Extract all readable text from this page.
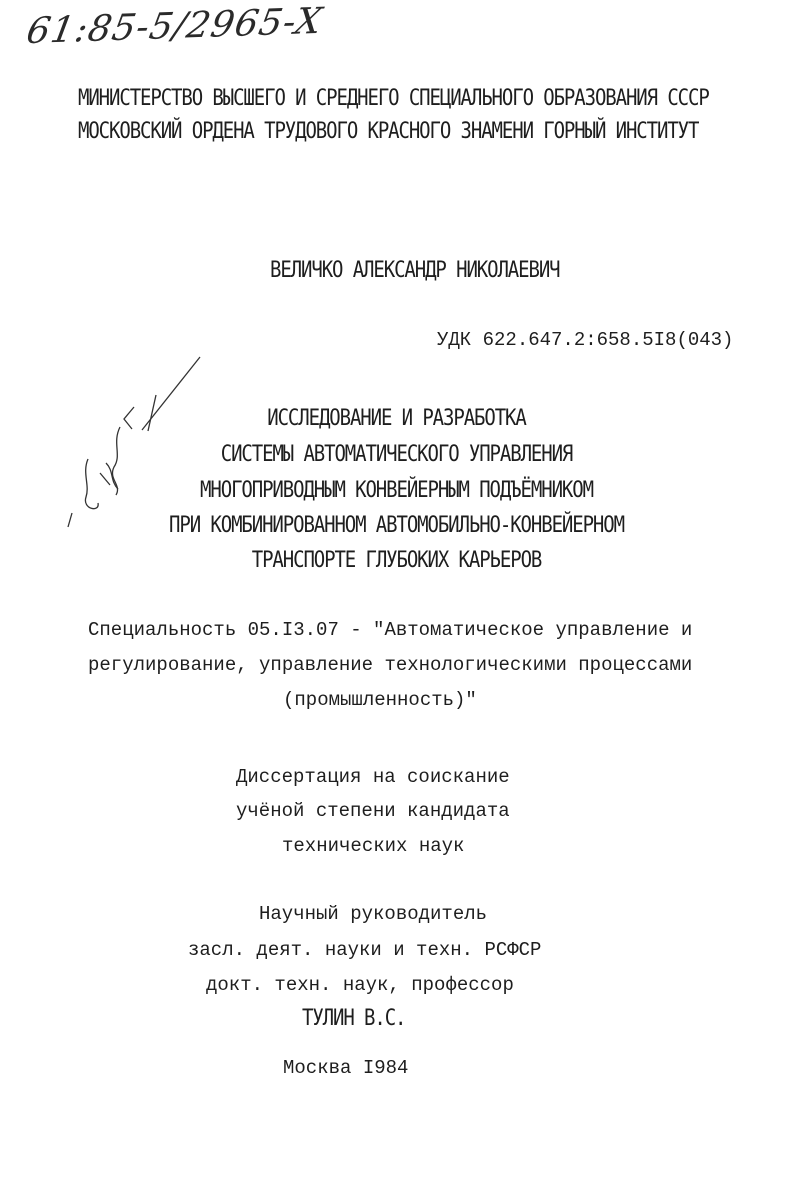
61:85-5/2965-X
МИНИСТЕРСТВО ВЫСШЕГО И СРЕДНЕГО СПЕЦИАЛЬНОГО ОБРАЗОВАНИЯ СССР
МОСКОВСКИЙ ОРДЕНА ТРУДОВОГО КРАСНОГО ЗНАМЕНИ ГОРНЫЙ ИНСТИТУТ
ВЕЛИЧКО АЛЕКСАНДР НИКОЛАЕВИЧ
УДК 622.647.2:658.5I8(043)
ИССЛЕДОВАНИЕ И РАЗРАБОТКА
СИСТЕМЫ АВТОМАТИЧЕСКОГО УПРАВЛЕНИЯ
МНОГОПРИВОДНЫМ КОНВЕЙЕРНЫМ ПОДЪЁМНИКОМ
ПРИ КОМБИНИРОВАННОМ АВТОМОБИЛЬНО-КОНВЕЙЕРНОМ
ТРАНСПОРТЕ ГЛУБОКИХ КАРЬЕРОВ
Специальность 05.I3.07 - "Автоматическое управление и
регулирование, управление технологическими процессами
(промышленность)"
Диссертация на соискание
учёной степени кандидата
технических наук
Научный руководитель
засл. деят. науки и техн. РСФСР
докт. техн. наук, профессор
ТУЛИН В.С.
Москва I984
